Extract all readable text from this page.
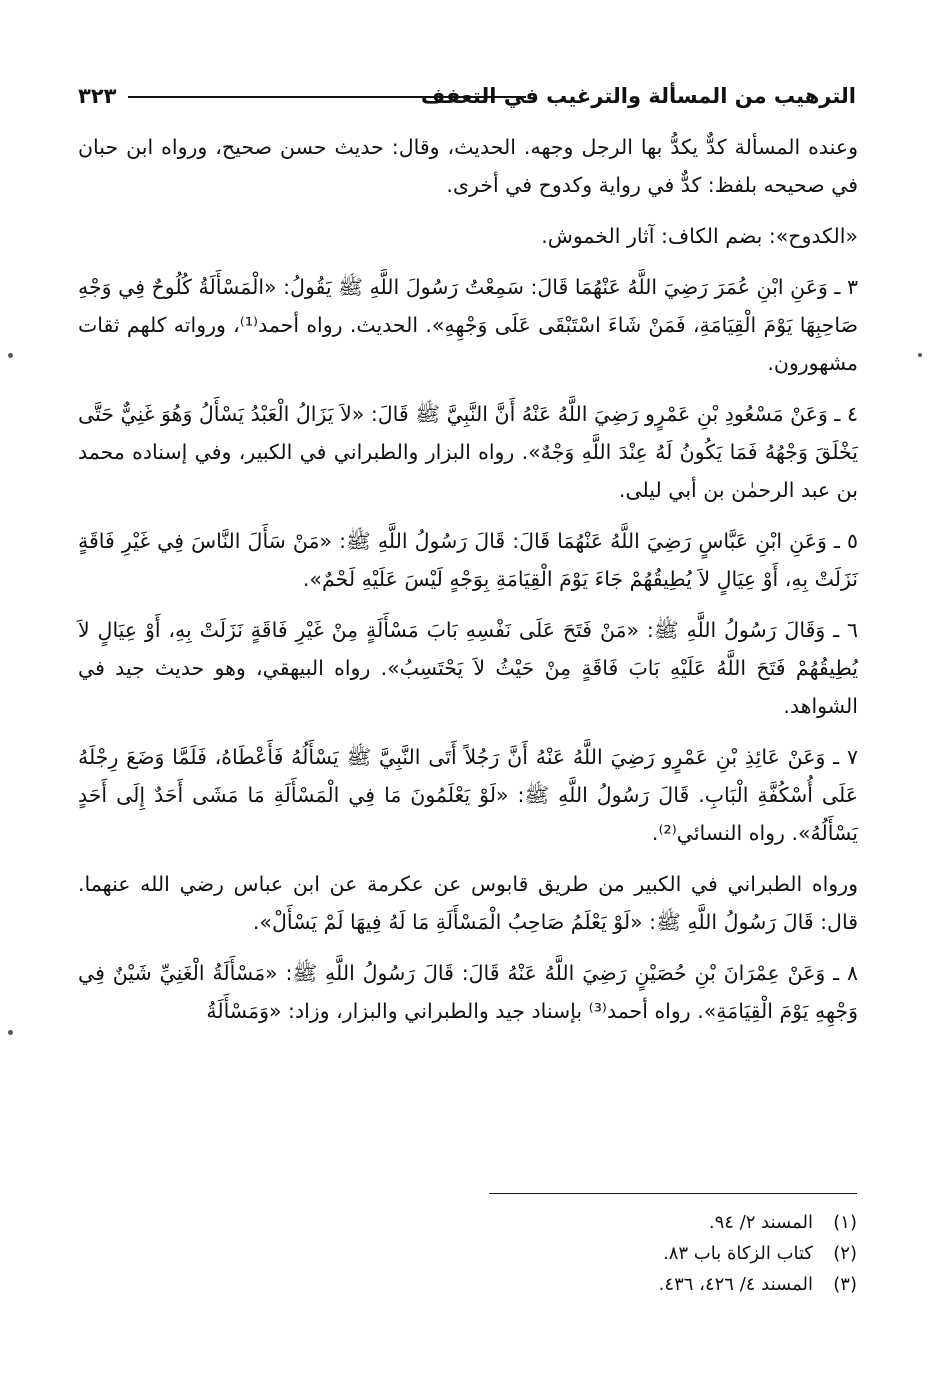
الترهيب من المسألة والترغيب في التعفف
٣٢٣

وعنده المسألة كدٌّ يكدُّ بها الرجل وجهه. الحديث، وقال: حديث حسن صحيح، ورواه ابن حبان في صحيحه بلفظ: كدٌّ في رواية وكدوح في أخرى.

«الكدوح»: بضم الكاف: آثار الخموش.

٣ ـ وَعَنِ ابْنِ عُمَرَ رَضِيَ اللَّهُ عَنْهُمَا قَالَ: سَمِعْتُ رَسُولَ اللَّهِ ﷺ يَقُولُ: «الْمَسْأَلَةُ كُلُوحٌ فِي وَجْهِ صَاحِبِهَا يَوْمَ الْقِيَامَةِ، فَمَنْ شَاءَ اسْتَبْقَى عَلَى وَجْهِهِ». الحديث. رواه أحمد⁽¹⁾، ورواته كلهم ثقات مشهورون.

٤ ـ وَعَنْ مَسْعُودِ بْنِ عَمْرٍو رَضِيَ اللَّهُ عَنْهُ أَنَّ النَّبِيَّ ﷺ قَالَ: «لاَ يَزَالُ الْعَبْدُ يَسْأَلُ وَهُوَ غَنِيٌّ حَتَّى يَخْلَقَ وَجْهُهُ فَمَا يَكُونُ لَهُ عِنْدَ اللَّهِ وَجْهٌ». رواه البزار والطبراني في الكبير، وفي إسناده محمد بن عبد الرحمٰن بن أبي ليلى.

٥ ـ وَعَنِ ابْنِ عَبَّاسٍ رَضِيَ اللَّهُ عَنْهُمَا قَالَ: قَالَ رَسُولُ اللَّهِ ﷺ: «مَنْ سَأَلَ النَّاسَ فِي غَيْرِ فَاقَةٍ نَزَلَتْ بِهِ، أَوْ عِيَالٍ لاَ يُطِيقُهُمْ جَاءَ يَوْمَ الْقِيَامَةِ بِوَجْهٍ لَيْسَ عَلَيْهِ لَحْمٌ».

٦ ـ وَقَالَ رَسُولُ اللَّهِ ﷺ: «مَنْ فَتَحَ عَلَى نَفْسِهِ بَابَ مَسْأَلَةٍ مِنْ غَيْرِ فَاقَةٍ نَزَلَتْ بِهِ، أَوْ عِيَالٍ لاَ يُطِيقُهُمْ فَتَحَ اللَّهُ عَلَيْهِ بَابَ فَاقَةٍ مِنْ حَيْثُ لاَ يَحْتَسِبُ». رواه البيهقي، وهو حديث جيد في الشواهد.

٧ ـ وَعَنْ عَائِذِ بْنِ عَمْرٍو رَضِيَ اللَّهُ عَنْهُ أَنَّ رَجُلاً أَتَى النَّبِيَّ ﷺ يَسْأَلُهُ فَأَعْطَاهُ، فَلَمَّا وَضَعَ رِجْلَهُ عَلَى أُسْكُفَّةِ الْبَابِ. قَالَ رَسُولُ اللَّهِ ﷺ: «لَوْ يَعْلَمُونَ مَا فِي الْمَسْأَلَةِ مَا مَشَى أَحَدٌ إِلَى أَحَدٍ يَسْأَلُهُ». رواه النسائي⁽²⁾.

ورواه الطبراني في الكبير من طريق قابوس عن عكرمة عن ابن عباس رضي الله عنهما. قال: قَالَ رَسُولُ اللَّهِ ﷺ: «لَوْ يَعْلَمُ صَاحِبُ الْمَسْأَلَةِ مَا لَهُ فِيهَا لَمْ يَسْأَلْ».

٨ ـ وَعَنْ عِمْرَانَ بْنِ حُصَيْنٍ رَضِيَ اللَّهُ عَنْهُ قَالَ: قَالَ رَسُولُ اللَّهِ ﷺ: «مَسْأَلَةُ الْغَنِيِّ شَيْنٌ فِي وَجْهِهِ يَوْمَ الْقِيَامَةِ». رواه أحمد⁽³⁾ بإسناد جيد والطبراني والبزار، وزاد: «وَمَسْأَلَةُ

(١)المسند ٢/ ٩٤.
(٢)كتاب الزكاة باب ٨٣.
(٣)المسند ٤/ ٤٢٦، ٤٣٦.
